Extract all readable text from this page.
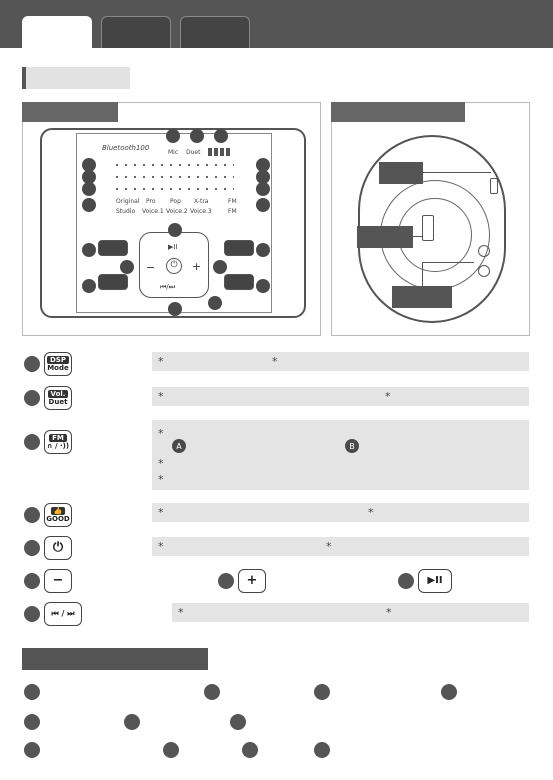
Bluetooth100
Mic Duet
Original Pro Pop X-tra	FM
Studio Voice.1 Voice.2 Voice.3	FM
▶II
⏻
−	+
⏮/⏭
DSP
Mode	*	*
Vol.
Duet	*	*
FM
∩ / ·))
*
A	B
*
*
👍
GOOD	*	*
⏻	*	*
−	+	▶II
⏮ / ⏭	*	*
